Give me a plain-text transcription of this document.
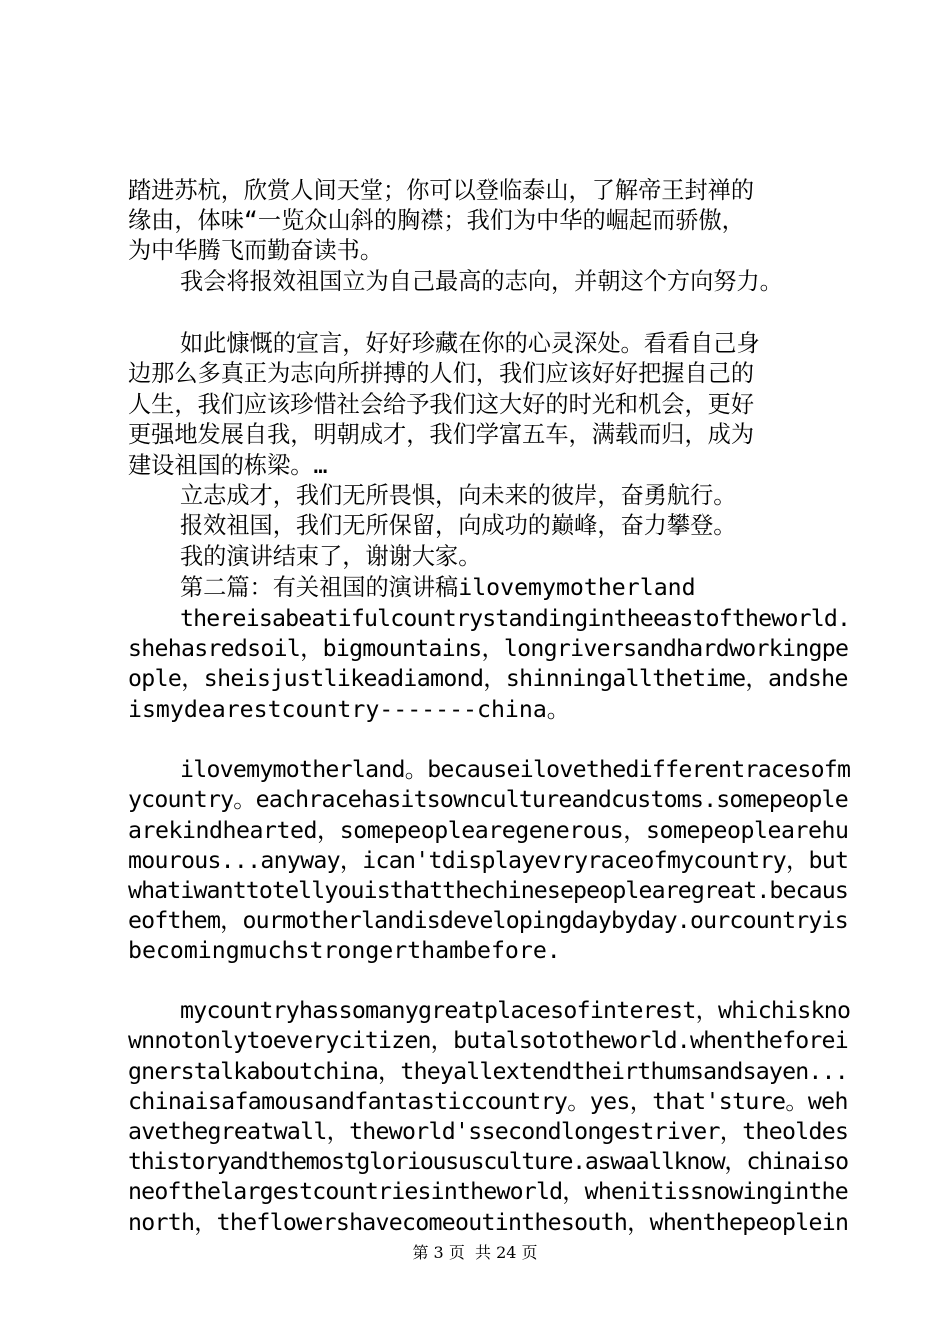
踏进苏杭，欣赏人间天堂；你可以登临泰山，了解帝王封禅的
缘由，体味“一览众山斜的胸襟；我们为中华的崛起而骄傲，
为中华腾飞而勤奋读书。
我会将报效祖国立为自己最高的志向，并朝这个方向努力。
如此慷慨的宣言，好好珍藏在你的心灵深处。看看自己身
边那么多真正为志向所拼搏的人们，我们应该好好把握自己的
人生，我们应该珍惜社会给予我们这大好的时光和机会，更好
更强地发展自我，明朝成才，我们学富五车，满载而归，成为
建设祖国的栋梁。…
立志成才，我们无所畏惧，向未来的彼岸，奋勇航行。
报效祖国，我们无所保留，向成功的巅峰，奋力攀登。
我的演讲结束了，谢谢大家。
第二篇：有关祖国的演讲稿ilovemymotherland
thereisabeatifulcountrystandingintheeastoftheworld.
shehasredsoil，bigmountains，longriversandhardworkingpe
ople，sheisjustlikeadiamond，shinningallthetime，andshe
ismydearestcountry-------china。
ilovemymotherland。becauseilovethedifferentracesofm
ycountry。eachracehasitsowncultureandcustoms.somepeople
arekindhearted，somepeoplearegenerous，somepeoplearehu
mourous...anyway，ican'tdisplayevryraceofmycountry，but
whatiwanttotellyouisthatthechinesepeoplearegreat.becaus
eofthem，ourmotherlandisdevelopingdaybyday.ourcountryis
becomingmuchstrongerthambefore.
mycountryhassomanygreatplacesofinterest，whichiskno
wnnotonlytoeverycitizen，butalsototheworld.whentheforei
gnerstalkaboutchina，theyallextendtheirthumsandsayen...
chinaisafamousandfantasticcountry。yes，that'sture。weh
avethegreatwall，theworld'ssecondlongestriver，theoldes
thistoryandthemostglorioususculture.aswaallknow，chinaiso
neofthelargestcountriesintheworld，whenitissnowinginthe
north，theflowershavecomeoutinthesouth，whenthepeoplein
第 3 页  共 24 页
